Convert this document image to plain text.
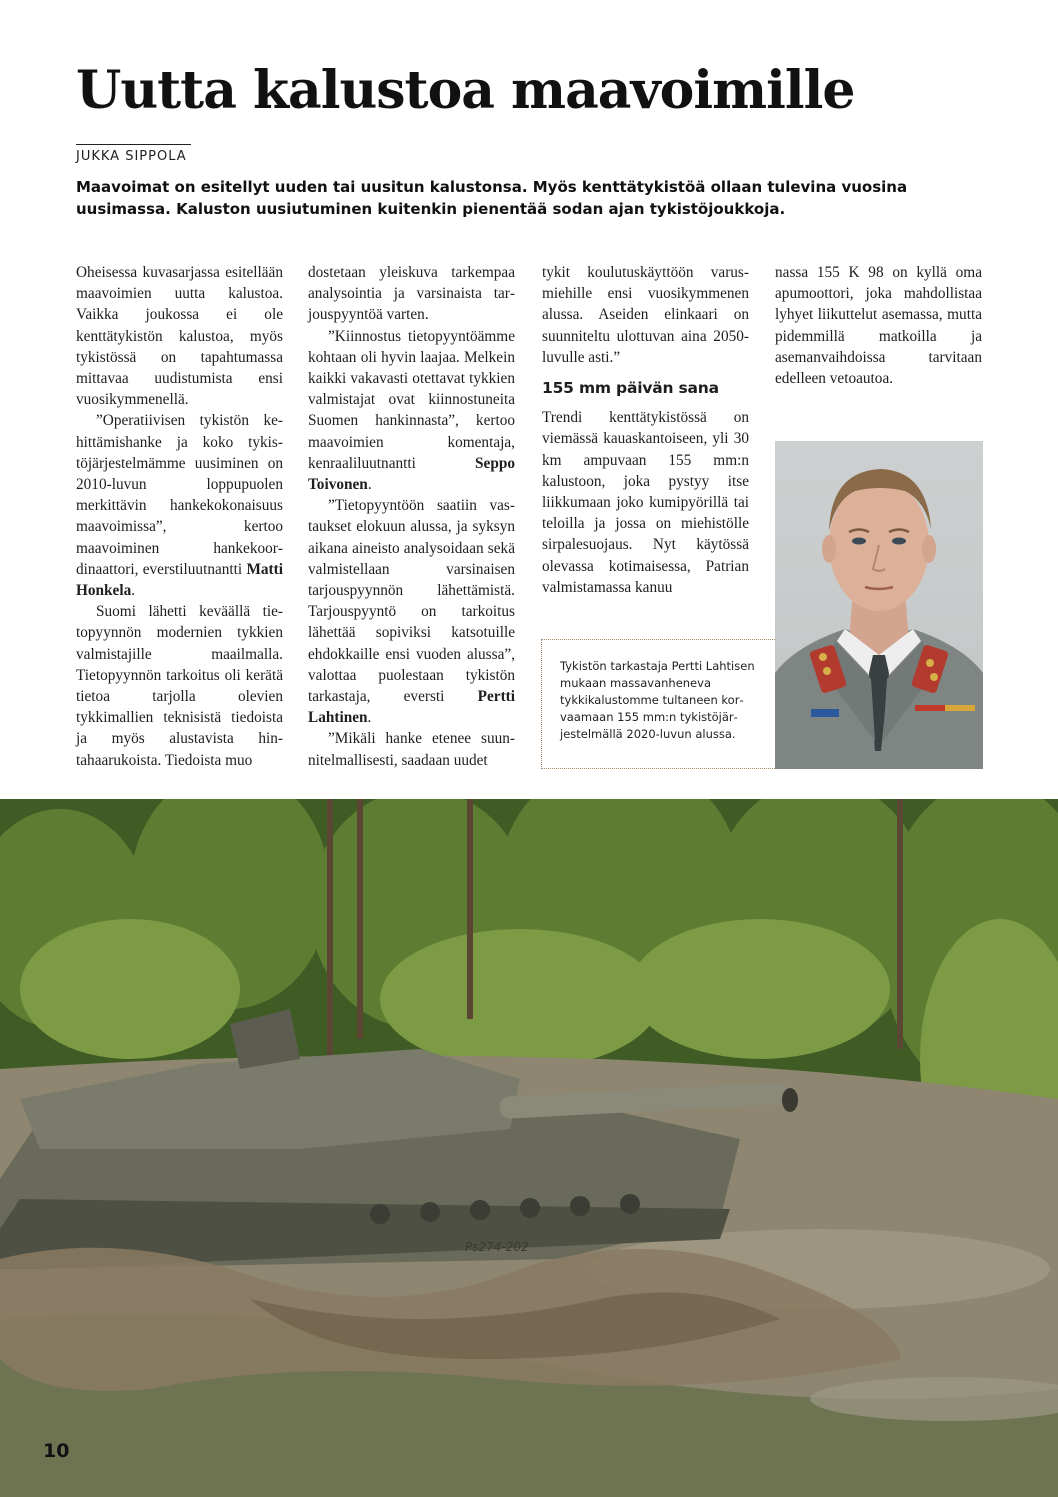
Uutta kalustoa maavoimille
JUKKA SIPPOLA

Maavoimat on esitellyt uuden tai uusitun kalustonsa. Myös kenttätykistöä ollaan tulevina vuosina uusimassa. Kaluston uusiutuminen kuitenkin pienentää sodan ajan tykistöjoukkoja.

Oheisessa kuvasarjassa esitellään maavoimien uutta kalustoa. Vaikka joukossa ei ole kenttätykistön kalustoa, myös tykistössä on tapahtumassa mittavaa uudistumista ensi vuosikymmenellä.

”Operatiivisen tykistön kehittämishanke ja koko tykistöjärjestelmämme uusiminen on 2010-luvun loppupuolen merkittävin hankekokonaisuus maavoimissa”, kertoo maavoiminen hankekoordinaattori, everstiluutnantti Matti Honkela.

Suomi lähetti keväällä tietopyynnön modernien tykkien valmistajille maailmalla. Tietopyynnön tarkoitus oli kerätä tietoa tarjolla olevien tykkimallien teknisistä tiedoista ja myös alustavista hintahaarukoista. Tiedoista muo

dostetaan yleiskuva tarkempaa analysointia ja varsinaista tarjouspyyntöä varten.

”Kiinnostus tietopyyntöämme kohtaan oli hyvin laajaa. Melkein kaikki vakavasti otettavat tykkien valmistajat ovat kiinnostuneita Suomen hankinnasta”, kertoo maavoimien komentaja, kenraaliluutnantti	Seppo Toivonen.

”Tietopyyntöön saatiin vastaukset elokuun alussa, ja syksyn aikana aineisto analysoidaan sekä valmistellaan varsinaisen tarjouspyynnön lähettämistä. Tarjouspyyntö on tarkoitus lähettää sopiviksi katsotuille ehdokkaille ensi vuoden alussa”, valottaa puolestaan tykistön tarkastaja, eversti Pertti Lahtinen.

”Mikäli hanke etenee suunnitelmallisesti, saadaan uudet

tykit koulutuskäyttöön varusmiehille ensi vuosikymmenen alussa. Aseiden elinkaari on suunniteltu ulottuvan aina 2050-luvulle asti.”

155 mm päivän sana

Trendi kenttätykistössä on viemässä kauaskantoiseen, yli 30 km ampuvaan 155 mm:n kalustoon, joka pystyy itse liikkumaan joko kumipyörillä tai teloilla ja jossa on miehistölle sirpalesuojaus. Nyt käytössä olevassa kotimaisessa, Patrian valmistamassa kanuu

nassa 155 K 98 on kyllä oma apumoottori, joka mahdollistaa lyhyet liikuttelut asemassa, mutta pidemmillä matkoilla ja asemanvaihdoissa tarvitaan edelleen vetoautoa.

Tykistön tarkastaja Pertti Lahtisen mukaan massavanheneva tykkikalustomme tultaneen korvaamaan 155 mm:n tykistöjärjestelmällä 2020-luvun alussa.

Ps274-202
10
